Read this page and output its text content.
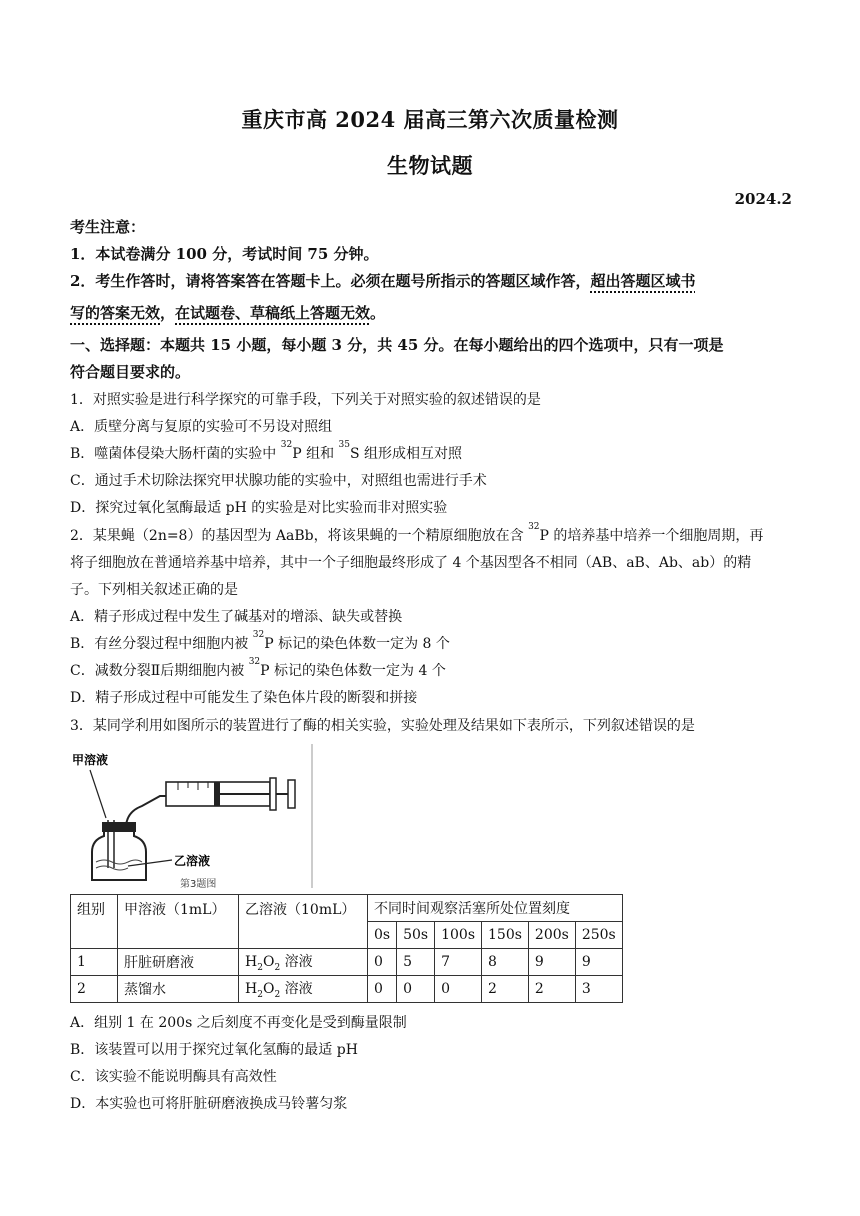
重庆市高 2024 届高三第六次质量检测
生物试题
2024.2
考生注意：
1．本试卷满分 100 分，考试时间 75 分钟。
2．考生作答时，请将答案答在答题卡上。必须在题号所指示的答题区域作答，超出答题区域书
写的答案无效，在试题卷、草稿纸上答题无效。
一、选择题：本题共 15 小题，每小题 3 分，共 45 分。在每小题给出的四个选项中，只有一项是
符合题目要求的。
1．对照实验是进行科学探究的可靠手段，下列关于对照实验的叙述错误的是
A．质壁分离与复原的实验可不另设对照组
B．噬菌体侵染大肠杆菌的实验中 $^{32}$P 组和 $^{35}$S 组形成相互对照
C．通过手术切除法探究甲状腺功能的实验中，对照组也需进行手术
D．探究过氧化氢酶最适 pH 的实验是对比实验而非对照实验
2．某果蝇（2n=8）的基因型为 AaBb，将该果蝇的一个精原细胞放在含 $^{32}$P 的培养基中培养一个细胞周期，再
将子细胞放在普通培养基中培养，其中一个子细胞最终形成了 4 个基因型各不相同（AB、aB、Ab、ab）的精
子。下列相关叙述正确的是
A．精子形成过程中发生了碱基对的增添、缺失或替换
B．有丝分裂过程中细胞内被 $^{32}$P 标记的染色体数一定为 8 个
C．减数分裂Ⅱ后期细胞内被 $^{32}$P 标记的染色体数一定为 4 个
D．精子形成过程中可能发生了染色体片段的断裂和拼接
3．某同学利用如图所示的装置进行了酶的相关实验，实验处理及结果如下表所示，下列叙述错误的是
甲溶液
乙溶液
第3题图
组别	甲溶液（1mL）	乙溶液（10mL）	不同时间观察活塞所处位置刻度					
			0s	50s	100s	150s	200s	250s
1	肝脏研磨液	$H_2O_2$ 溶液	0	5	7	8	9	9
2	蒸馏水	$H_2O_2$ 溶液	0	0	0	2	2	3
A．组别 1 在 200s 之后刻度不再变化是受到酶量限制
B．该装置可以用于探究过氧化氢酶的最适 pH
C．该实验不能说明酶具有高效性
D．本实验也可将肝脏研磨液换成马铃薯匀浆
